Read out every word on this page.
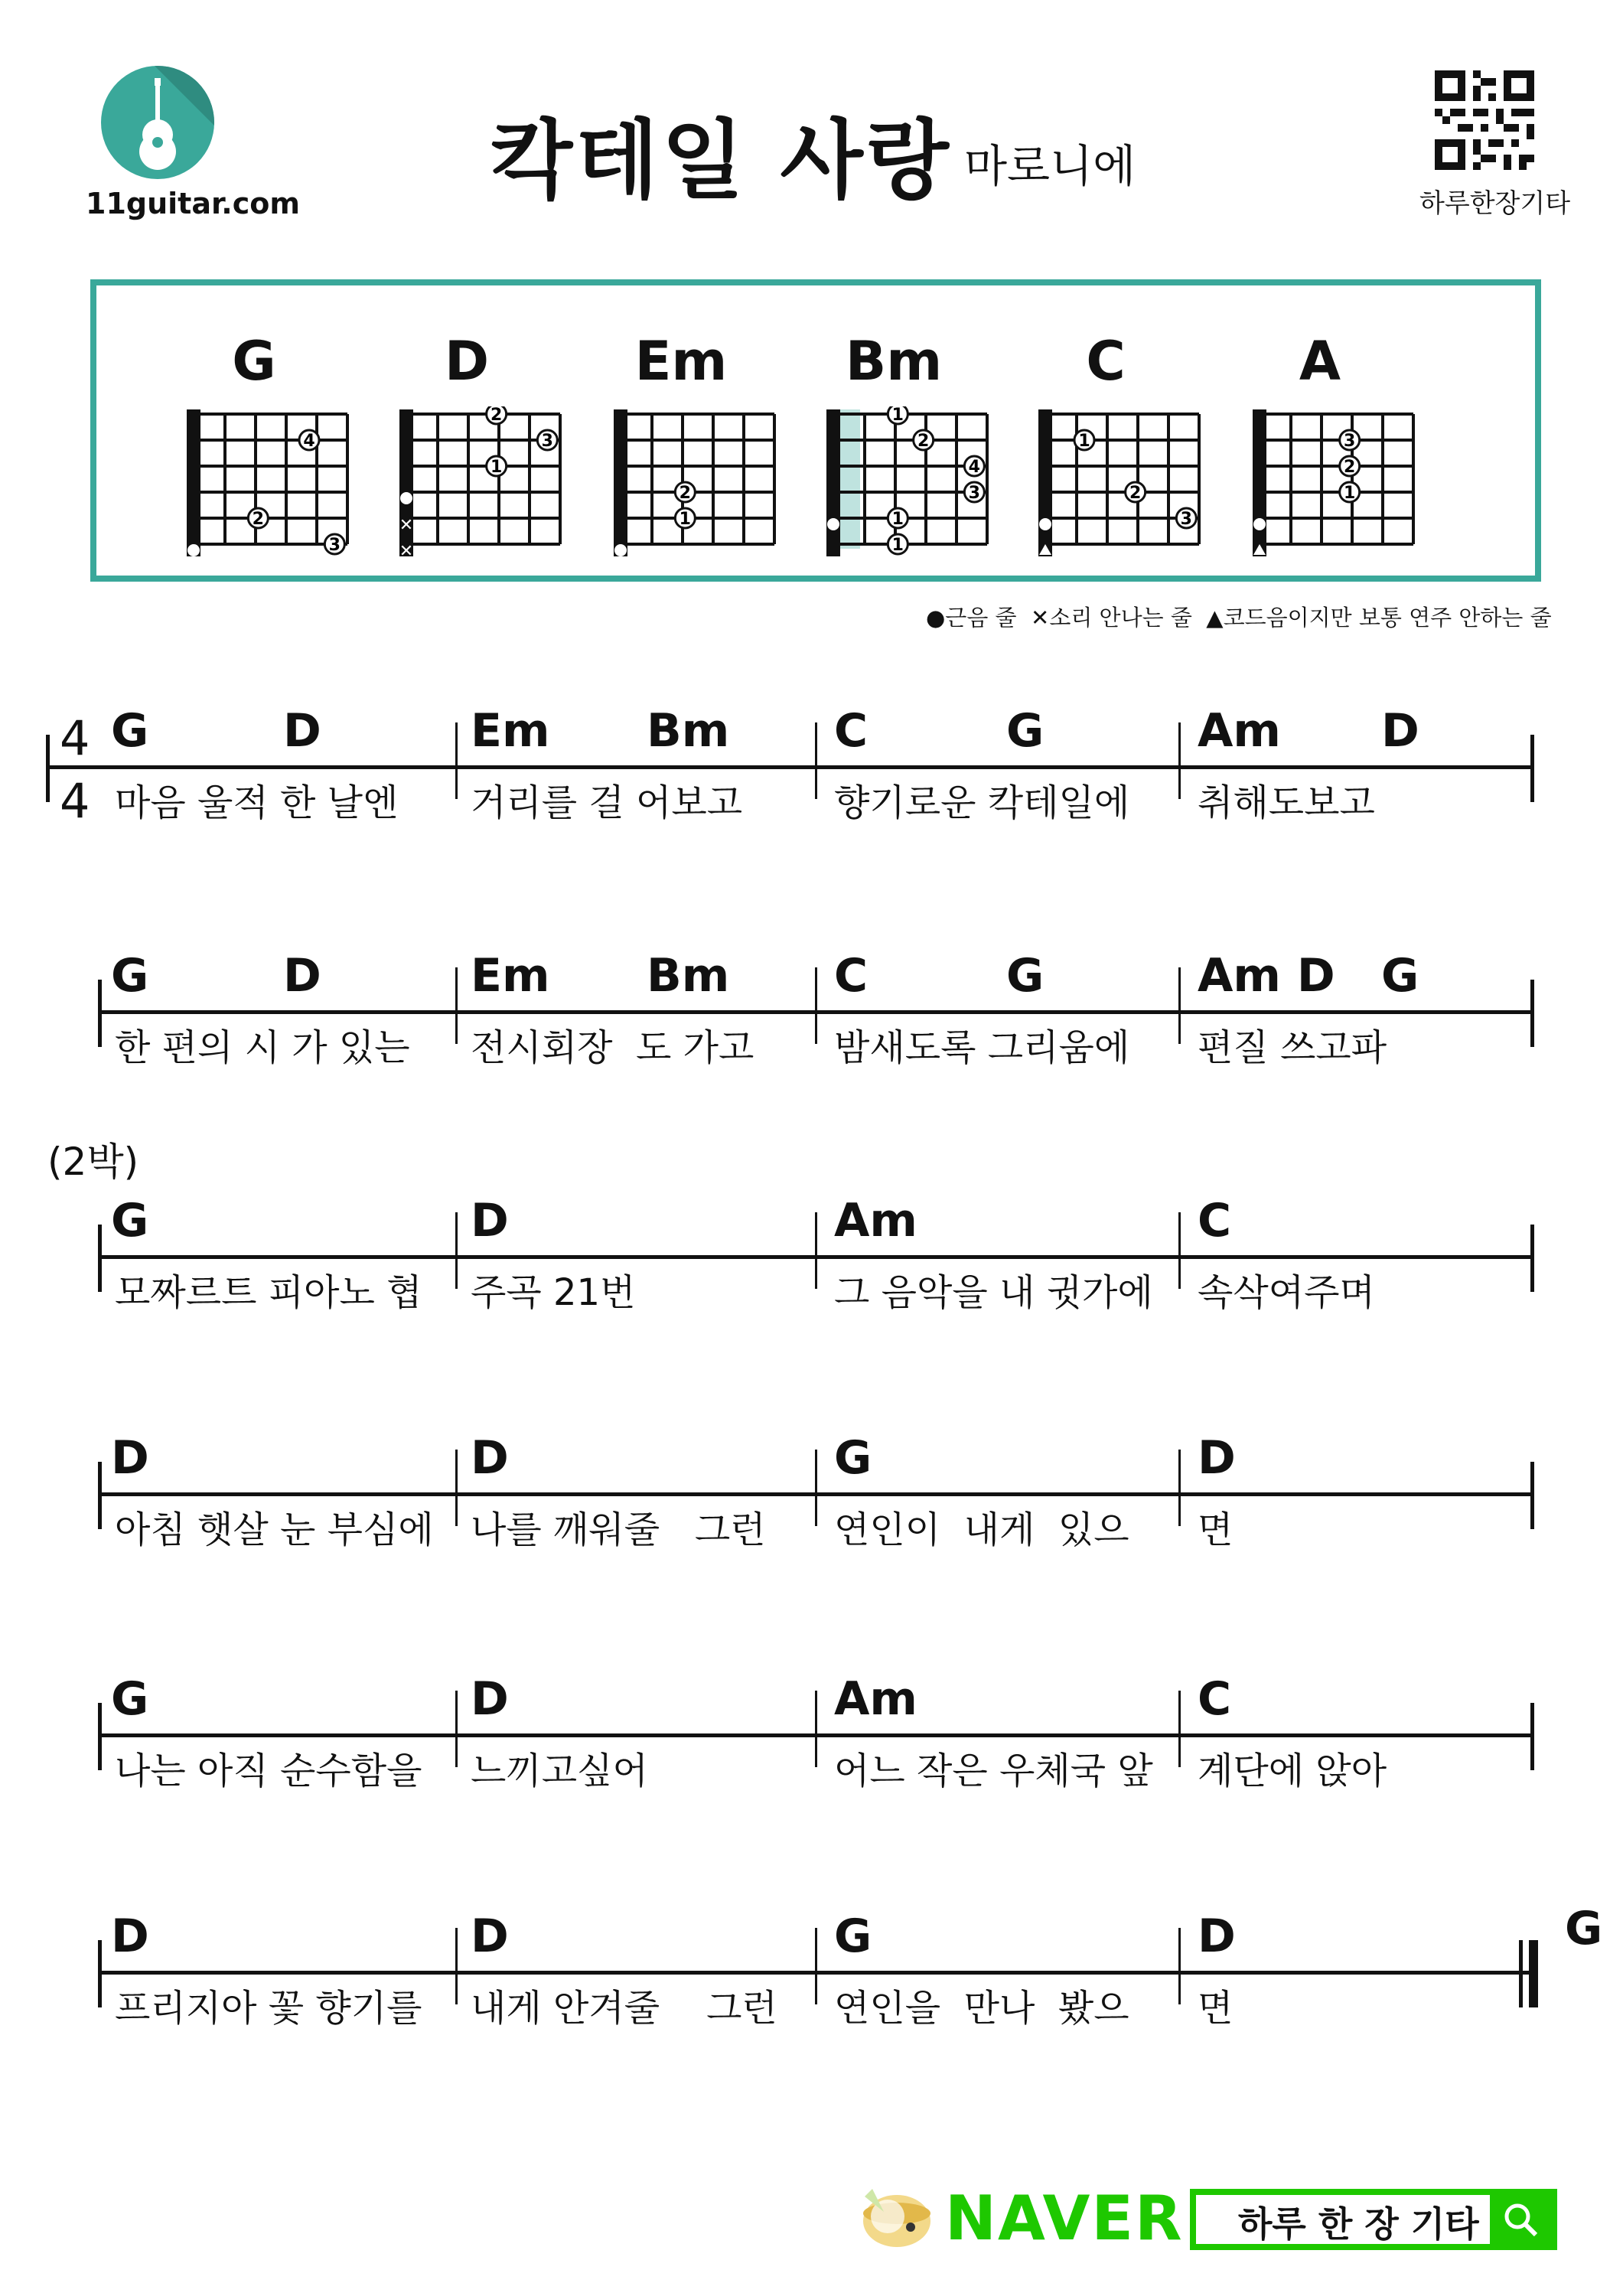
11guitar.com 칵테일 사랑 마로니에
하루한장기타
G
4
2
3
D
2
3
1
✕
✕
Em
2
1
Bm
1
2
4
3
1
1
C
1
2
3
A
3
2
1
●근음 줄 ✕소리 안나는 줄 ▲코드음이지만 보통 연주 안하는 줄
(2박)
4
4
G	D
마음 울적 한 날엔
Em Bm
거리를 걸 어보고
C	G
향기로운 칵테일에
Am D
취해도보고
G	D
한 편의 시 가 있는
Em Bm
전시회장  도 가고
C	G
밤새도록 그리움에
Am D G
편질 쓰고파
G
모짜르트 피아노 협
D
주곡 21번
Am
그 음악을 내 귓가에
C
속삭여주며
D
아침 햇살 눈 부심에
D
나를 깨워줄   그런
G
연인이  내게  있으
D
면
G
나는 아직 순수함을
D
느끼고싶어
Am
어느 작은 우체국 앞
C
계단에 앉아
D
프리지아 꽃 향기를
D
내게 안겨줄    그런
G
연인을  만나  봤으
D
면
G
NAVER 하루 한 장 기타
